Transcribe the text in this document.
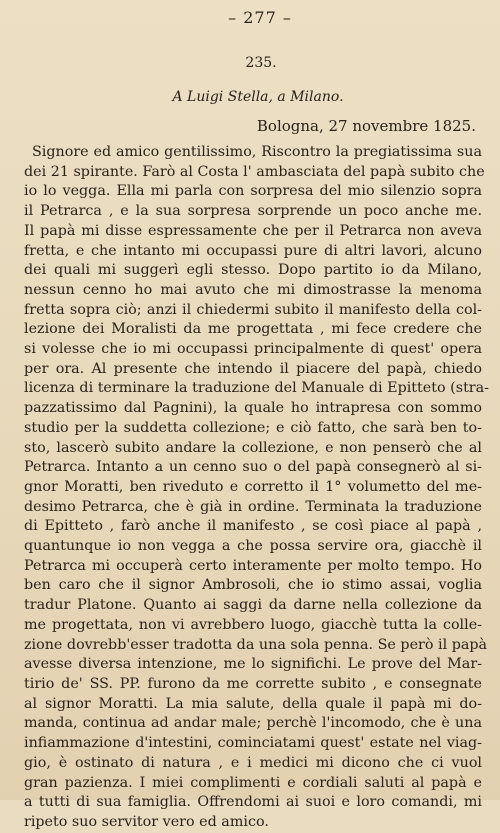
– 277 –
235.
A Luigi Stella, a Milano.
Bologna, 27 novembre 1825.
Signore ed amico gentilissimo, Riscontro la pregiatissima sua
dei 21 spirante. Farò al Costa l' ambasciata del papà subito che
io lo vegga. Ella mi parla con sorpresa del mio silenzio sopra
il Petrarca , e la sua sorpresa sorprende un poco anche me.
Il papà mi disse espressamente che per il Petrarca non aveva
fretta, e che intanto mi occupassi pure di altri lavori, alcuno
dei quali mi suggerì egli stesso. Dopo partito io da Milano,
nessun cenno ho mai avuto che mi dimostrasse la menoma
fretta sopra ciò; anzi il chiedermi subito il manifesto della col-
lezione dei Moralisti da me progettata , mi fece credere che
si volesse che io mi occupassi principalmente di quest' opera
per ora. Al presente che intendo il piacere del papà, chiedo
licenza di terminare la traduzione del Manuale di Epitteto (stra-
pazzatissimo dal Pagnini), la quale ho intrapresa con sommo
studio per la suddetta collezione; e ciò fatto, che sarà ben to-
sto, lascerò subito andare la collezione, e non penserò che al
Petrarca. Intanto a un cenno suo o del papà consegnerò al si-
gnor Moratti, ben riveduto e corretto il 1° volumetto del me-
desimo Petrarca, che è già in ordine. Terminata la traduzione
di Epitteto , farò anche il manifesto , se così piace al papà ,
quantunque io non vegga a che possa servire ora, giacchè il
Petrarca mi occuperà certo interamente per molto tempo. Ho
ben caro che il signor Ambrosoli, che io stimo assai, voglia
tradur Platone. Quanto ai saggi da darne nella collezione da
me progettata, non vi avrebbero luogo, giacchè tutta la colle-
zione dovrebb'esser tradotta da una sola penna. Se però il papà
avesse diversa intenzione, me lo significhi. Le prove del Mar-
tirio de' SS. PP. furono da me corrette subito , e consegnate
al signor Moratti. La mia salute, della quale il papà mi do-
manda, continua ad andar male; perchè l'incomodo, che è una
infiammazione d'intestini, cominciatami quest' estate nel viag-
gio, è ostinato di natura , e i medici mi dicono che ci vuol
gran pazienza. I miei complimenti e cordiali saluti al papà e
a tutti di sua famiglia. Offrendomi ai suoi e loro comandi, mi
ripeto suo servitor vero ed amico.
